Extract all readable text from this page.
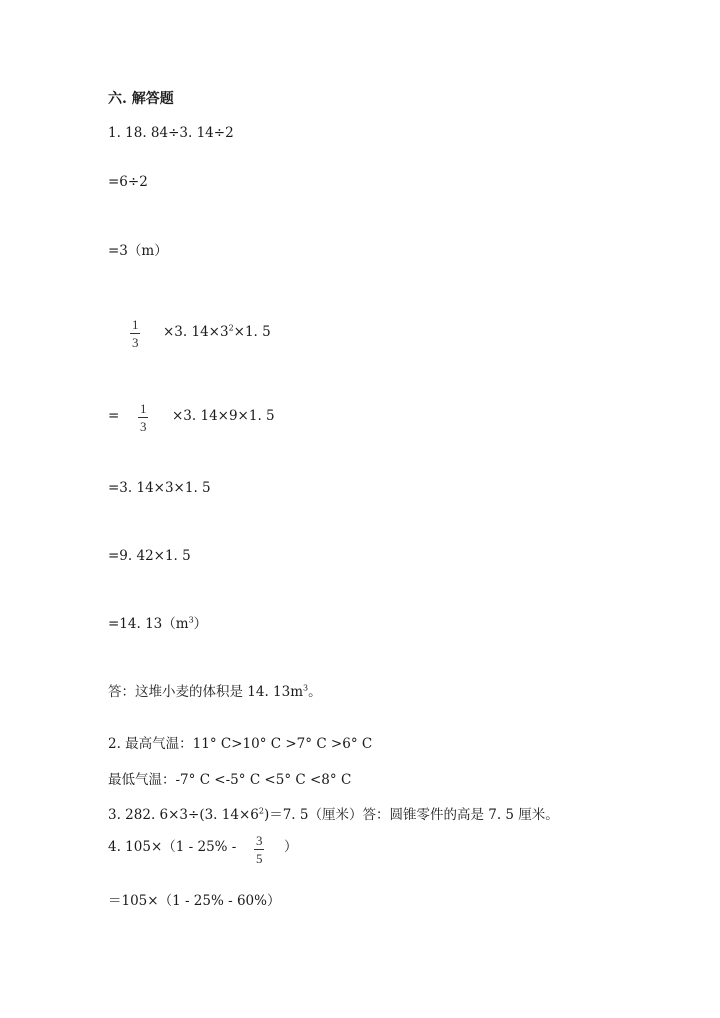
六. 解答题
1. 18. 84÷3. 14÷2
=6÷2
=3（m）
1
3
×3. $14\times 3^2\times 1$. 5
= 1
3
×3. 14×9×1. 5
=3. 14×3×1. 5
=9. 42×1. 5
=14. $13(m^3)$
答：这堆小麦的体积是 14. $13m^3$。
2. 最高气温：11° C>10° C >7° C >6° C
最低气温：-7° C <-5° C <5° C <8° C
3. 282. 6×3÷(3. $14\times 6^2)=7$. 5（厘米）答：圆锥零件的高是 7. 5 厘米。
4. 105×（1 - 25% - 3
5
）
＝105×（1 - 25% - 60%）
